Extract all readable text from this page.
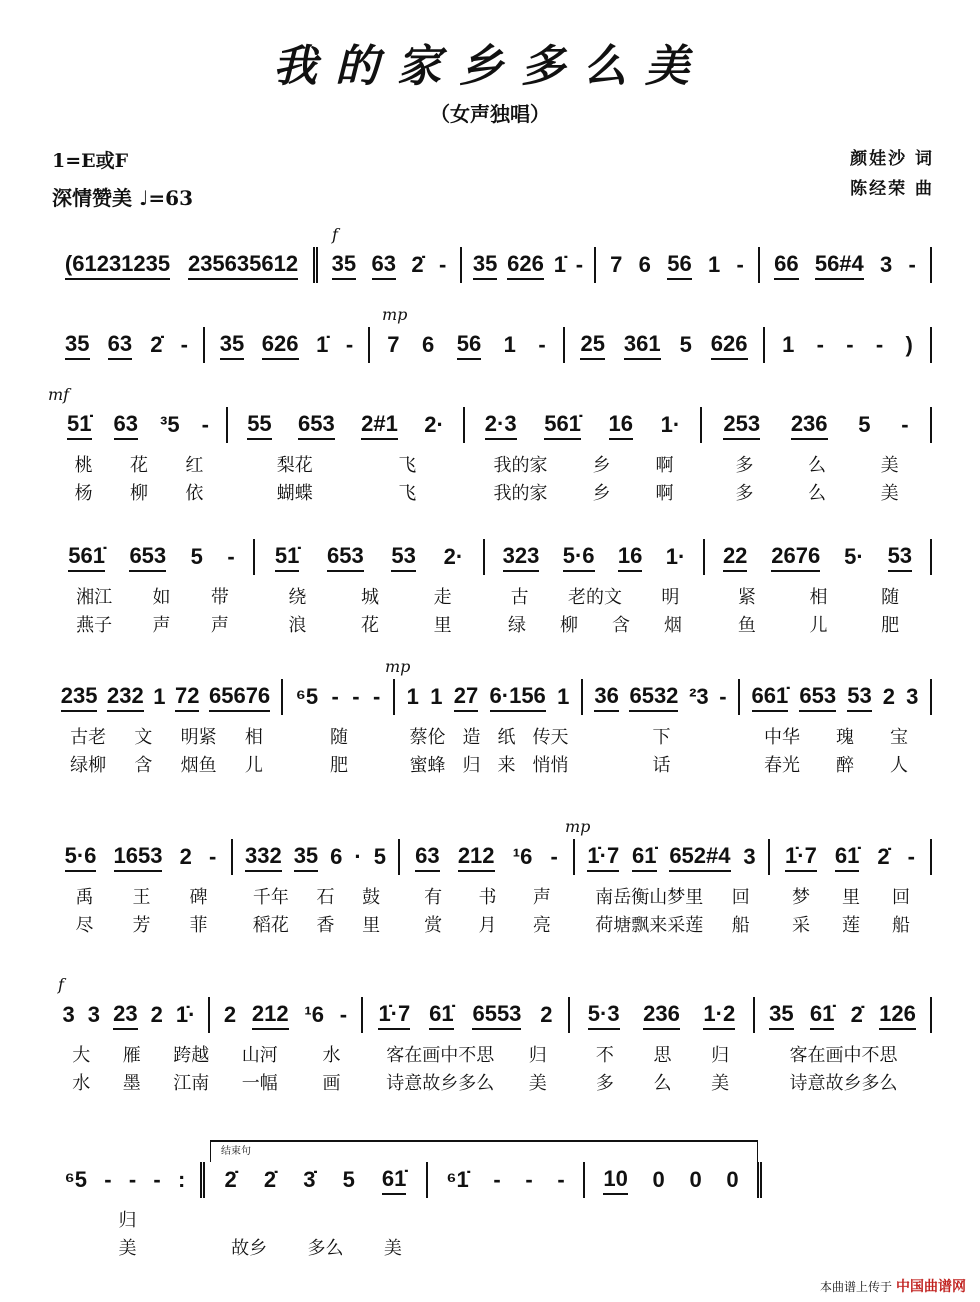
我的家乡多么美
（女声独唱）
1=E或F
深情赞美 ♩=63
颜娃沙 词
陈经荣 曲
结束句
(61231235 235635612 35 63 2̇ - 35 626 1̇ - 7 6 56 1 - 66 56#4 3 -
f
35 63 2̇ - 35 626 1̇ - 7 6 56 1 - 25 361 5 626 1 - - - )
mp
51̇ 63 ³5 - 55 653 2#1 2· 2·3 561̇ 16 1· 253 236 5 -
mf
桃 花 红	梨花	飞	我的家	乡	啊	多	么	美
杨 柳 依	蝴蝶	飞	我的家	乡	啊	多	么	美
561̇ 653 5 - 51̇ 653 53 2· 323 5·6 16 1· 22 2676 5· 53
湘江 如 带	绕	城	走	古 老的文 明	紧	相	随
燕子 声 声	浪	花	里	绿 柳 含 烟	鱼	儿	肥
235 232 1 72 65676 ⁶5 - - - 1 1 27 6·156 1 36 6532 ²3 - 661̇ 653 53 2 3
mp
古老 文 明紧 相	随	蔡伦 造 纸 传天	下	中华 瑰 宝
绿柳 含 烟鱼 儿	肥	蜜蜂 归 来 悄悄	话	春光 醉 人
5·6 1653 2 - 332 35 6 · 5 63 212 ¹6 - 1̇·7 61̇ 652#4 3 1̇·7 61̇ 2̇ -
mp
禹 王 碑	千年 石 鼓 有 书 声 南岳衡山梦里 回 梦 里 回
尽 芳 菲	稻花 香 里 赏 月 亮 荷塘飘来采莲 船 采 莲 船
3 3 23 2 1̇· 2 212 ¹6 - 1̇·7 61̇ 6553 2 5·3 236 1·2 35 61̇ 2̇ 126
f
大 雁 跨越 山河 水
水 墨 江南 一幅 画
客在画中不思 归	不 思 归	客在画中不思
诗意故乡多么 美	多 么 美	诗意故乡多么
⁶5 - - - : 2̇ 2̇ 3̇ 5 61̇ ⁶1̇ - - - 10 0 0 0
归
美	故乡 多么 美
本曲谱上传于 中国曲谱网
